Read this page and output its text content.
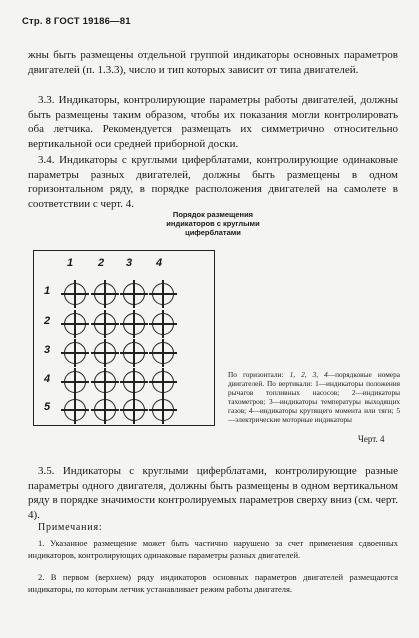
Стр. 8 ГОСТ 19186—81
жны быть размещены отдельной группой индикаторы основных параметров двигателей (п. 1.3.3), число и тип которых зависит от типа двигателей.
3.3. Индикаторы, контролирующие параметры работы двигателей, должны быть размещены таким образом, чтобы их показания могли контролировать оба летчика. Рекомендуется размещать их симметрично относительно вертикальной оси средней приборной доски.
3.4. Индикаторы с круглыми циферблатами, контролирующие одинаковые параметры разных двигателей, должны быть размещены в одном горизонтальном ряду, в порядке расположения двигателей на самолете в соответствии с черт. 4.
Порядок размещения индикаторов с круглыми циферблатами
1 2 3 4
1
2
3
4
5
По горизонтали: 1, 2, 3, 4—порядковые номера двигателей. По вертикали: 1—индикаторы положения рычагов топливных насосов; 2—индикаторы тахометров; 3—индикаторы температуры выходящих газов; 4—индикаторы крутящего момента или тяги; 5—электрические моторные индикаторы
Черт. 4
3.5. Индикаторы с круглыми циферблатами, контролирующие разные параметры одного двигателя, должны быть размещены в одном вертикальном ряду в порядке значимости контролируемых параметров сверху вниз (см. черт. 4).
Примечания:
1. Указанное размещение может быть частично нарушено за счет применения сдвоенных индикаторов, контролирующих одинаковые параметры разных двигателей.
2. В первом (верхнем) ряду индикаторов основных параметров двигателей размещаются индикаторы, по которым летчик устанавливает режим работы двигателя.
